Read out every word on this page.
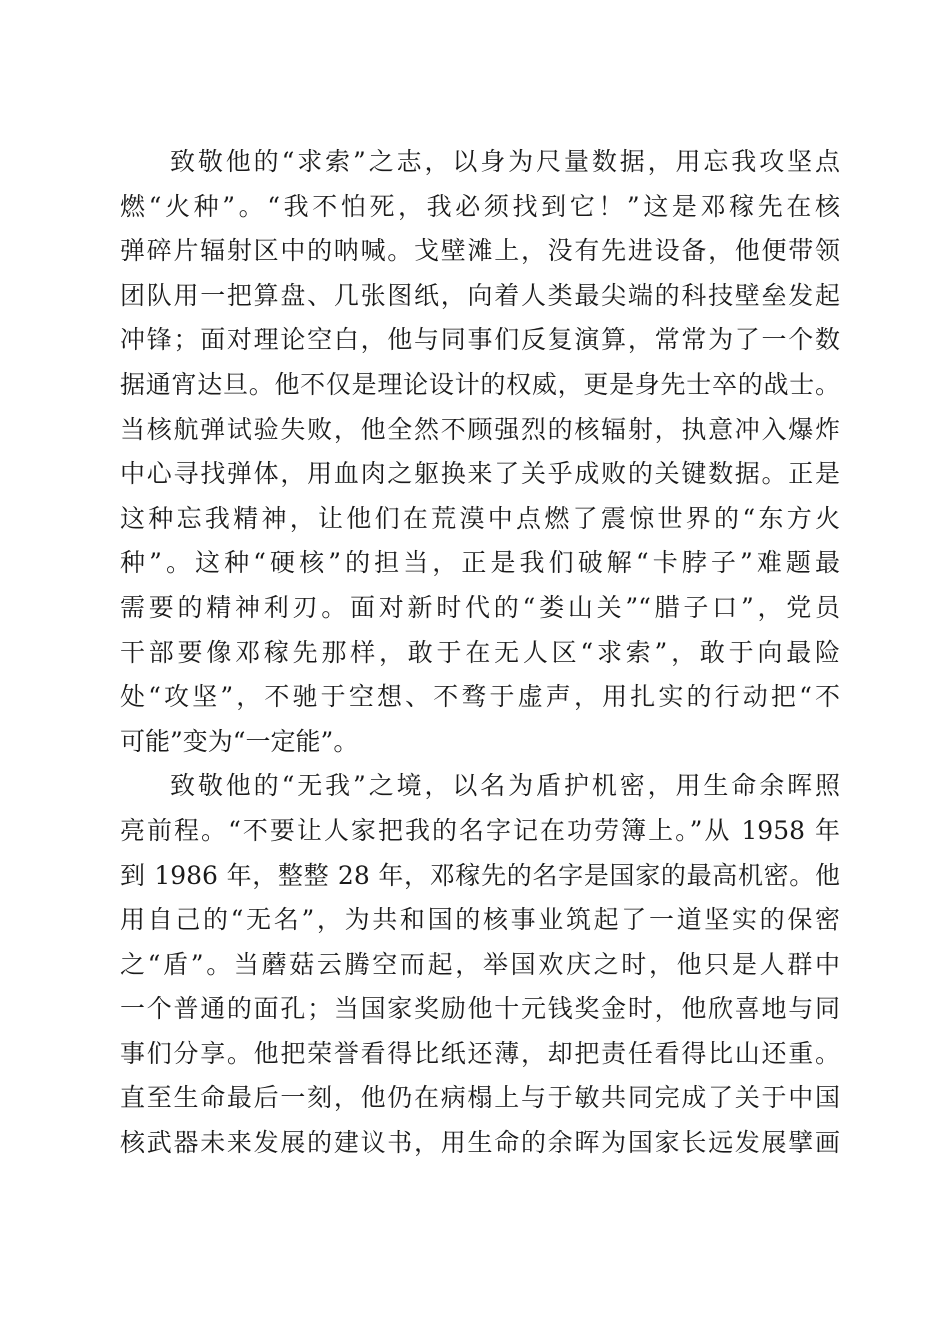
致敬他的“求索”之志，以身为尺量数据，用忘我攻坚点
燃“火种”。“我不怕死，我必须找到它！”这是邓稼先在核
弹碎片辐射区中的呐喊。戈壁滩上，没有先进设备，他便带领
团队用一把算盘、几张图纸，向着人类最尖端的科技壁垒发起
冲锋；面对理论空白，他与同事们反复演算，常常为了一个数
据通宵达旦。他不仅是理论设计的权威，更是身先士卒的战士。
当核航弹试验失败，他全然不顾强烈的核辐射，执意冲入爆炸
中心寻找弹体，用血肉之躯换来了关乎成败的关键数据。正是
这种忘我精神，让他们在荒漠中点燃了震惊世界的“东方火
种”。这种“硬核”的担当，正是我们破解“卡脖子”难题最
需要的精神利刃。面对新时代的“娄山关”“腊子口”，党员
干部要像邓稼先那样，敢于在无人区“求索”，敢于向最险
处“攻坚”，不驰于空想、不骛于虚声，用扎实的行动把“不
可能”变为“一定能”。
致敬他的“无我”之境，以名为盾护机密，用生命余晖照
亮前程。“不要让人家把我的名字记在功劳簿上。”从 1958 年
到 1986 年，整整 28 年，邓稼先的名字是国家的最高机密。他
用自己的“无名”，为共和国的核事业筑起了一道坚实的保密
之“盾”。当蘑菇云腾空而起，举国欢庆之时，他只是人群中
一个普通的面孔；当国家奖励他十元钱奖金时，他欣喜地与同
事们分享。他把荣誉看得比纸还薄，却把责任看得比山还重。
直至生命最后一刻，他仍在病榻上与于敏共同完成了关于中国
核武器未来发展的建议书，用生命的余晖为国家长远发展擘画
